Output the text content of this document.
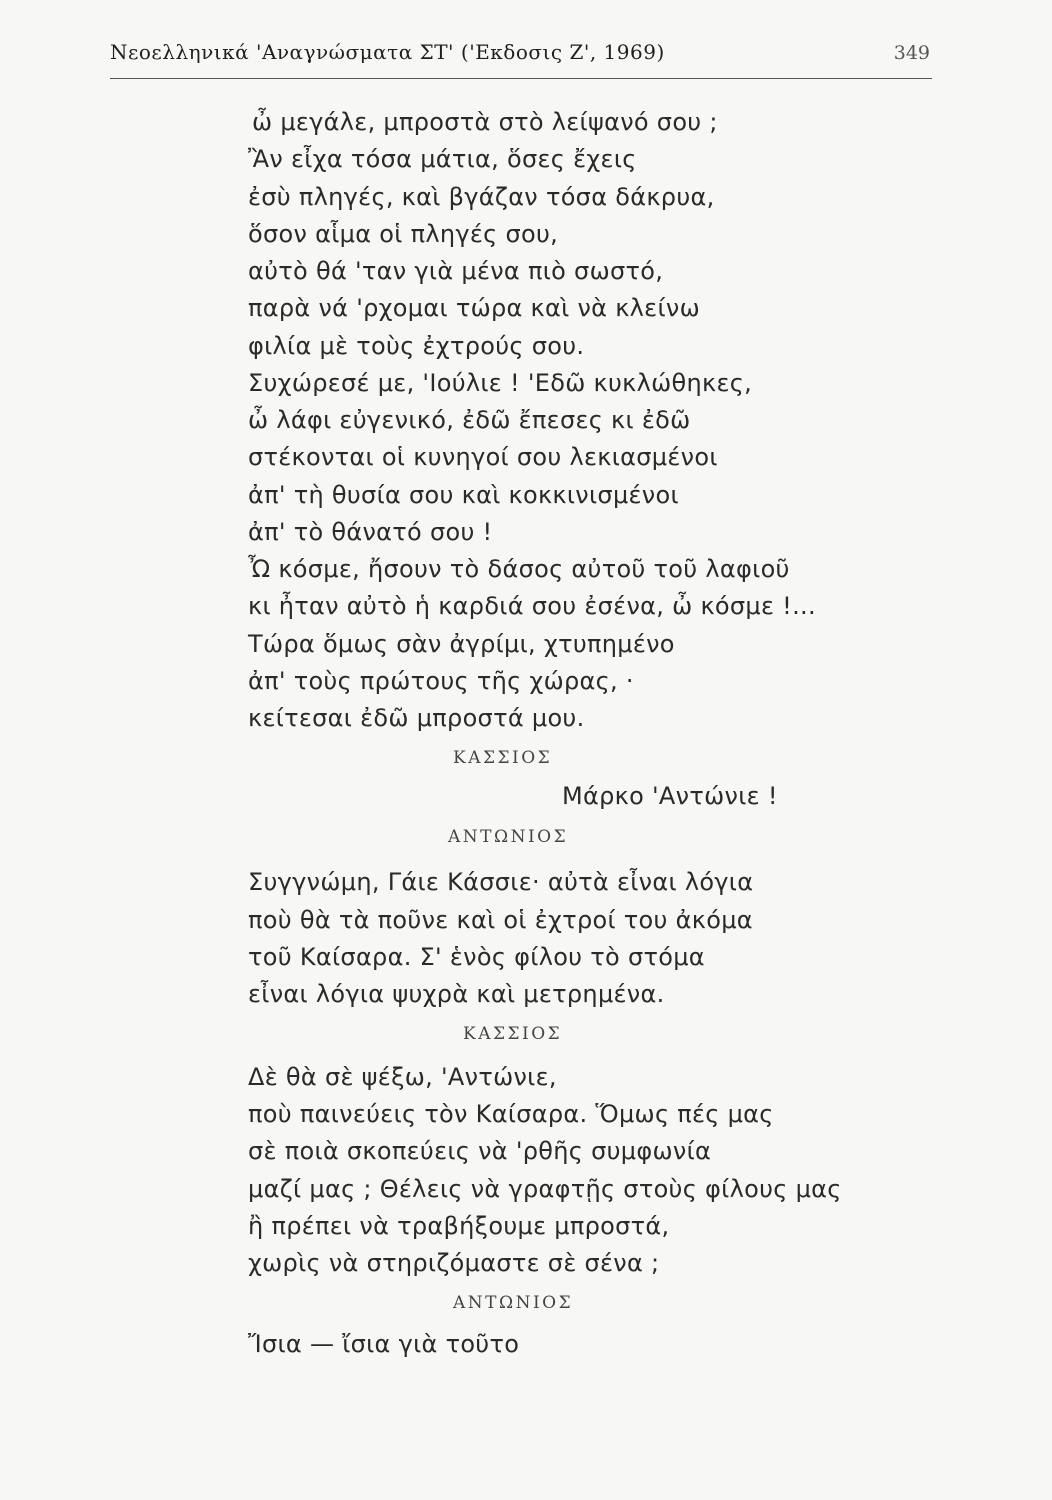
Νεοελληνικά 'Αναγνώσματα ΣΤ' ('Εκδοσις Ζ', 1969)	349
ὦ μεγάλε, μπροστὰ στὸ λείψανό σου ;
Ἂν εἶχα τόσα μάτια, ὅσες ἔχεις
ἐσὺ πληγές, καὶ βγάζαν τόσα δάκρυα,
ὅσον αἷμα οἱ πληγές σου,
αὐτὸ θά 'ταν γιὰ μένα πιὸ σωστό,
παρὰ νά 'ρχομαι τώρα καὶ νὰ κλείνω
φιλία μὲ τοὺς ἐχτρούς σου.
Συχώρεσέ με, 'Ιούλιε ! 'Εδῶ κυκλώθηκες,
ὦ λάφι εὐγενικό, ἐδῶ ἔπεσες κι ἐδῶ
στέκονται οἱ κυνηγοί σου λεκιασμένοι
ἀπ' τὴ θυσία σου καὶ κοκκινισμένοι
ἀπ' τὸ θάνατό σου !
Ὦ κόσμε, ἤσουν τὸ δάσος αὐτοῦ τοῦ λαφιοῦ
κι ἦταν αὐτὸ ἡ καρδιά σου ἐσένα, ὦ κόσμε !...
Τώρα ὅμως σὰν ἀγρίμι, χτυπημένο
ἀπ' τοὺς πρώτους τῆς χώρας, ·
κείτεσαι ἐδῶ μπροστά μου.
ΚΑΣΣΙΟΣ
Μάρκο 'Αντώνιε !
ΑΝΤΩΝΙΟΣ
Συγγνώμη, Γάιε Κάσσιε· αὐτὰ εἶναι λόγια
ποὺ θὰ τὰ ποῦνε καὶ οἱ ἐχτροί του ἀκόμα
τοῦ Καίσαρα. Σ' ἑνὸς φίλου τὸ στόμα
εἶναι λόγια ψυχρὰ καὶ μετρημένα.
ΚΑΣΣΙΟΣ
Δὲ θὰ σὲ ψέξω, 'Αντώνιε,
ποὺ παινεύεις τὸν Καίσαρα. Ὅμως πές μας
σὲ ποιὰ σκοπεύεις νὰ 'ρθῆς συμφωνία
μαζί μας ; Θέλεις νὰ γραφτῇς στοὺς φίλους μας
ἢ πρέπει νὰ τραβήξουμε μπροστά,
χωρὶς νὰ στηριζόμαστε σὲ σένα ;
ΑΝΤΩΝΙΟΣ
Ἴσια — ἴσια γιὰ τοῦτο
